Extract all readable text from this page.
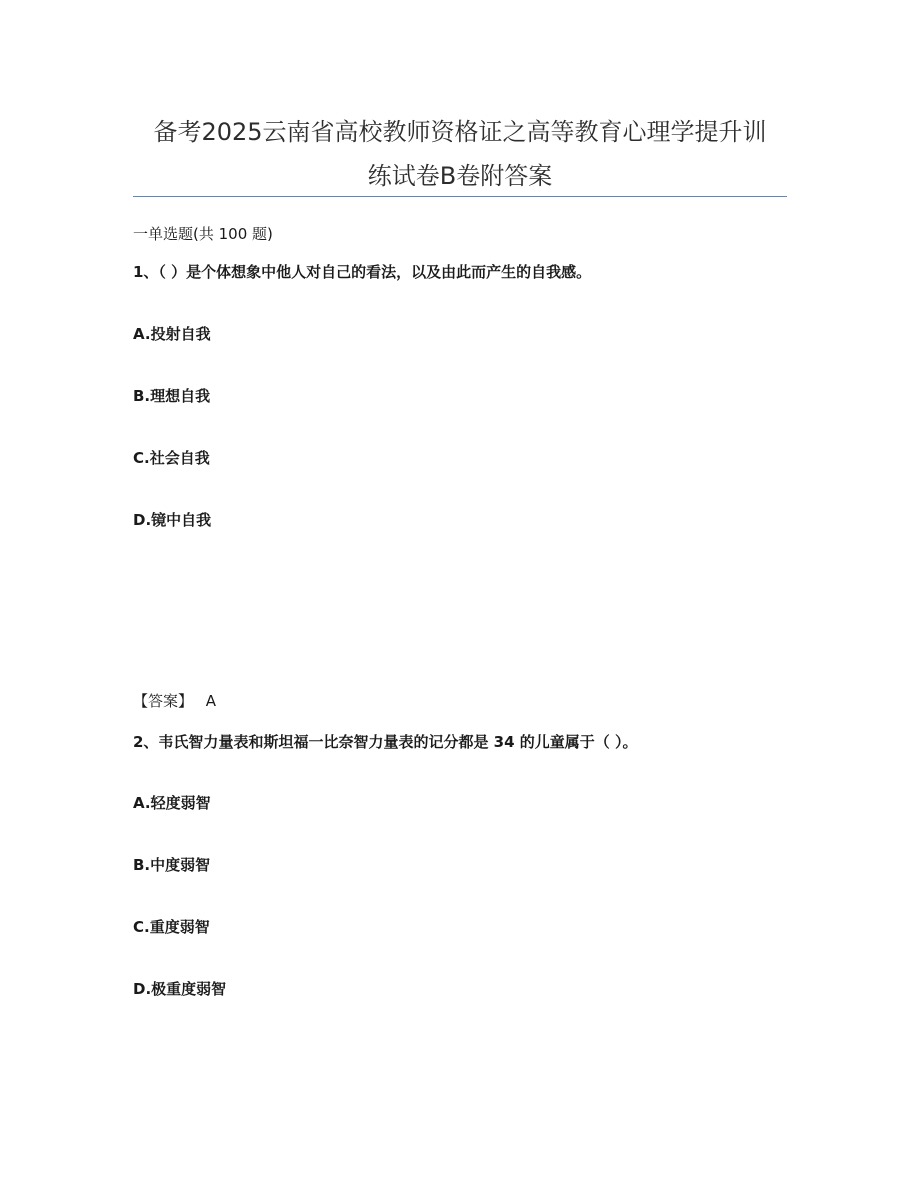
备考2025云南省高校教师资格证之高等教育心理学提升训
练试卷B卷附答案
一单选题(共 100 题)
1、（ ）是个体想象中他人对自己的看法，以及由此而产生的自我感。
A.投射自我
B.理想自我
C.社会自我
D.镜中自我
【答案】 A
2、韦氏智力量表和斯坦福一比奈智力量表的记分都是 34 的儿童属于（ ）。
A.轻度弱智
B.中度弱智
C.重度弱智
D.极重度弱智
